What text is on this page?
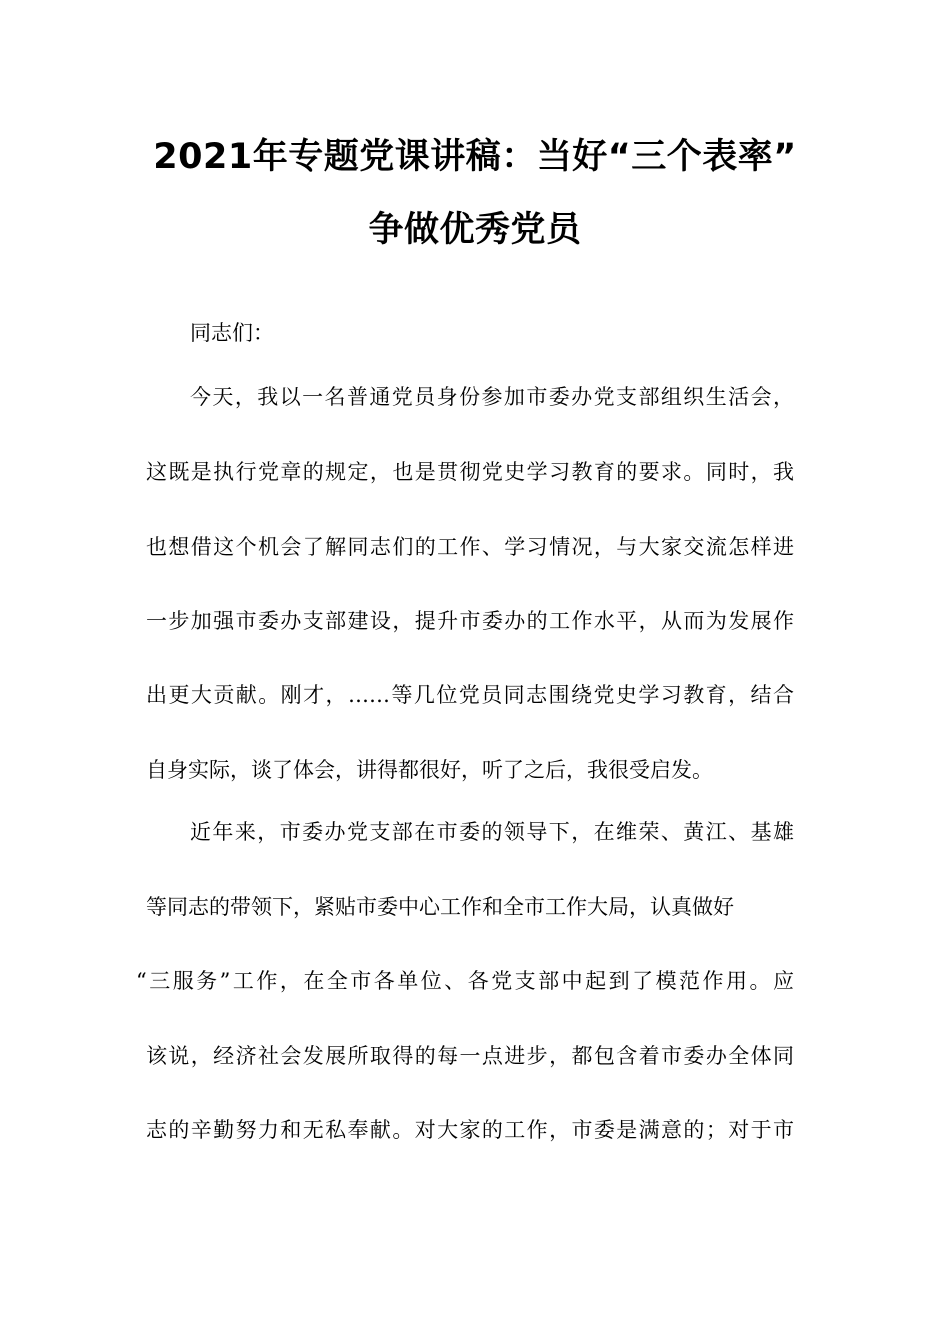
2021年专题党课讲稿：当好“三个表率”
争做优秀党员
同志们：
今天，我以一名普通党员身份参加市委办党支部组织生活会，
这既是执行党章的规定，也是贯彻党史学习教育的要求。同时，我
也想借这个机会了解同志们的工作、学习情况，与大家交流怎样进
一步加强市委办支部建设，提升市委办的工作水平，从而为发展作
出更大贡献。刚才，……等几位党员同志围绕党史学习教育，结合
自身实际，谈了体会，讲得都很好，听了之后，我很受启发。
近年来，市委办党支部在市委的领导下，在维荣、黄江、基雄
等同志的带领下，紧贴市委中心工作和全市工作大局，认真做好
“三服务”工作，在全市各单位、各党支部中起到了模范作用。应
该说，经济社会发展所取得的每一点进步，都包含着市委办全体同
志的辛勤努力和无私奉献。对大家的工作，市委是满意的；对于市
